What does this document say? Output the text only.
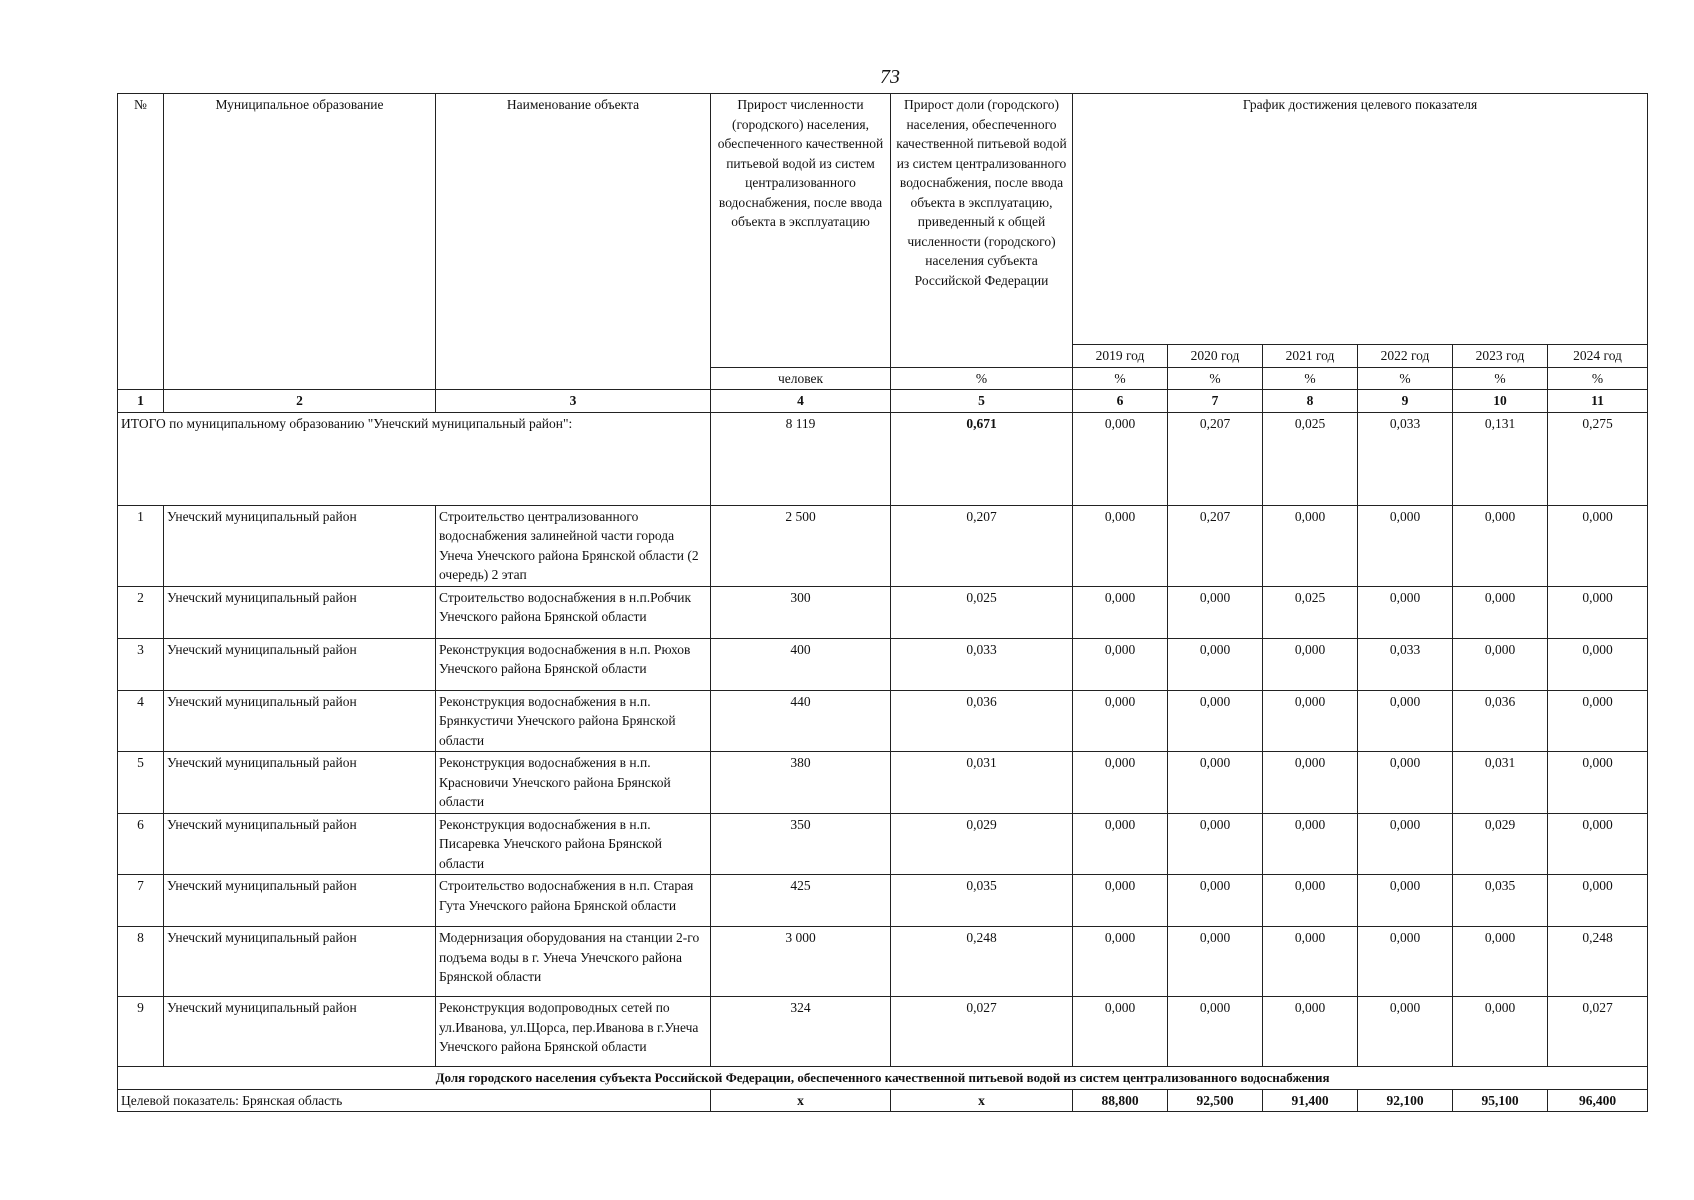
73
№	Муниципальное образование	Наименование объекта	Прирост численности (городского) населения, обеспеченного качественной питьевой водой из систем централизованного водоснабжения, после ввода объекта в эксплуатацию	Прирост доли (городского) населения, обеспеченного качественной питьевой водой из систем централизованного водоснабжения, после ввода объекта в эксплуатацию, приведенный к общей численности (городского) населения субъекта Российской Федерации	График достижения целевого показателя					
					2019 год	2020 год	2021 год	2022 год	2023 год	2024 год
			человек	%	%	%	%	%	%	%
1	2	3	4	5	6	7	8	9	10	11
ИТОГО по муниципальному образованию "Унечский муниципальный район":			8 119	0,671	0,000	0,207	0,025	0,033	0,131	0,275
1	Унечский муниципальный район	Строительство централизованного водоснабжения залинейной части города Унеча Унечского района Брянской области (2 очередь) 2 этап	2 500	0,207	0,000	0,207	0,000	0,000	0,000	0,000
2	Унечский муниципальный район	Строительство водоснабжения в н.п.Робчик Унечского района Брянской области	300	0,025	0,000	0,000	0,025	0,000	0,000	0,000
3	Унечский муниципальный район	Реконструкция водоснабжения в н.п. Рюхов Унечского района Брянской области	400	0,033	0,000	0,000	0,000	0,033	0,000	0,000
4	Унечский муниципальный район	Реконструкция водоснабжения в н.п. Брянкустичи Унечского района Брянской области	440	0,036	0,000	0,000	0,000	0,000	0,036	0,000
5	Унечский муниципальный район	Реконструкция водоснабжения в н.п. Красновичи Унечского района Брянской области	380	0,031	0,000	0,000	0,000	0,000	0,031	0,000
6	Унечский муниципальный район	Реконструкция водоснабжения в н.п. Писаревка Унечского района Брянской области	350	0,029	0,000	0,000	0,000	0,000	0,029	0,000
7	Унечский муниципальный район	Строительство водоснабжения в н.п. Старая Гута Унечского района Брянской области	425	0,035	0,000	0,000	0,000	0,000	0,035	0,000
8	Унечский муниципальный район	Модернизация оборудования на станции 2-го подъема воды в г. Унеча Унечского района Брянской области	3 000	0,248	0,000	0,000	0,000	0,000	0,000	0,248
9	Унечский муниципальный район	Реконструкция водопроводных сетей по ул.Иванова, ул.Щорса, пер.Иванова в г.Унеча Унечского района Брянской области	324	0,027	0,000	0,000	0,000	0,000	0,000	0,027
Доля городского населения субъекта Российской Федерации, обеспеченного качественной питьевой водой из систем централизованного водоснабжения										
Целевой показатель: Брянская область			x	x	88,800	92,500	91,400	92,100	95,100	96,400
